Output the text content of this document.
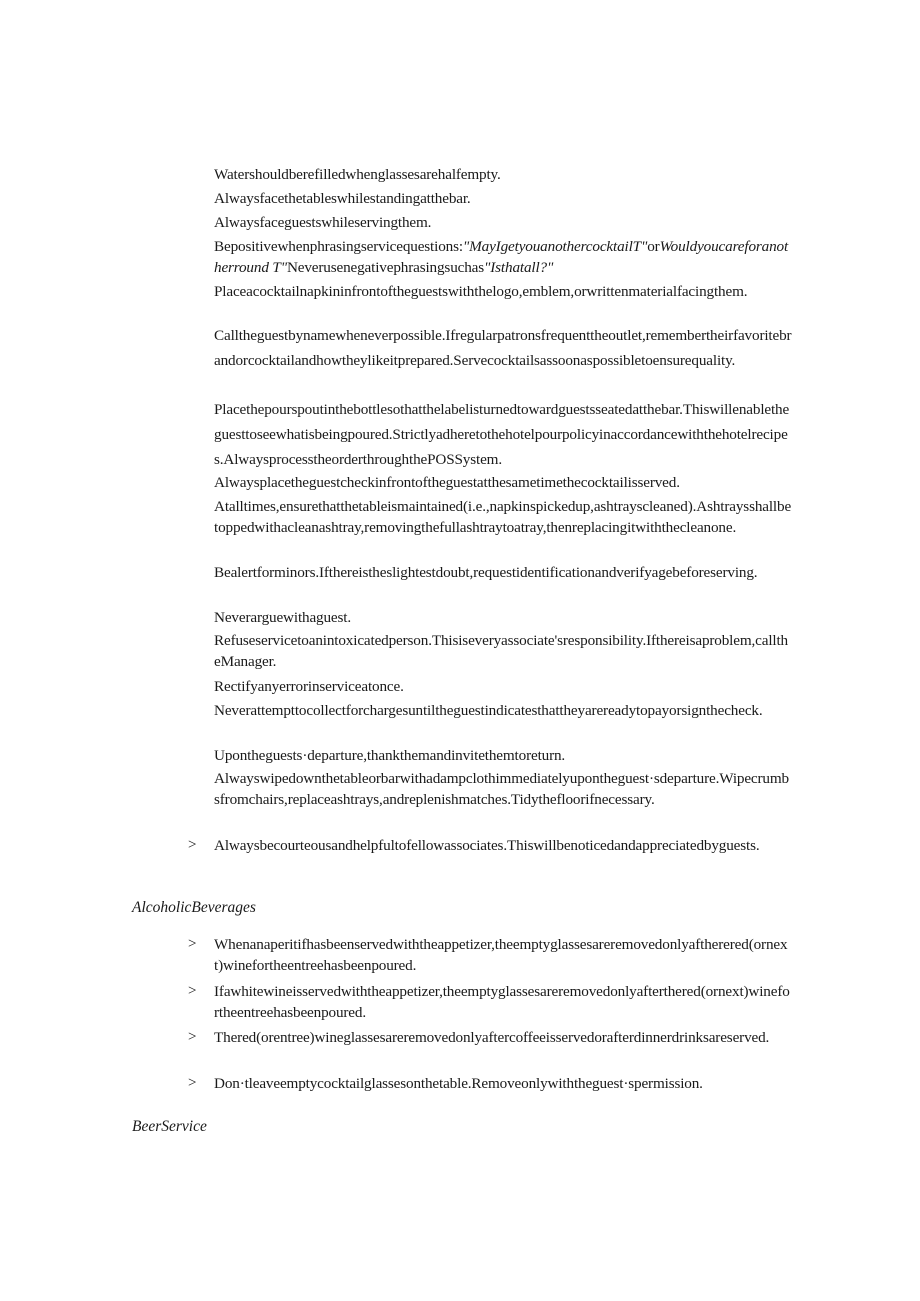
Watershouldberefilledwhenglassesarehalfempty.
Alwaysfacethetableswhilestandingatthebar.
Alwaysfaceguestswhileservingthem.
Bepositivewhenphrasingservicequestions:"MayIgetyouanothercocktailT"orWouldyoucareforanotherround T"Neverusenegativephrasingsuchas"Isthatall?"
Placeacocktailnapkininfrontoftheguestswiththelogo,emblem,orwrittenmaterialfacingthem.
Calltheguestbynamewheneverpossible.Ifregularpatronsfrequenttheoutlet,remembertheirfavoritebrandorcocktailandhowtheylikeitprepared.Servecocktailsassoonaspossibletoensurequality.
Placethepourspoutinthebottlesothatthelabelisturnedtowardguestsseatedatthebar.Thiswillenabletheguesttoseewhatisbeingpoured.Strictlyadheretothehotelpourpolicyinaccordancewiththehotelrecipes.AlwaysprocesstheorderthroughthePOSSystem.
Alwaysplacetheguestcheckinfrontoftheguestatthesametimethecocktailisserved.
Atalltimes,ensurethatthetableismaintained(i.e.,napkinspickedup,ashtrayscleaned).Ashtraysshallbetoppedwithacleanashtray,removingthefullashtraytoatray,thenreplacingitwiththecleanone.
Bealertforminors.Ifthereistheslightestdoubt,requestidentificationandverifyagebeforeserving.
Neverarguewithaguest.
Refuseservicetoanintoxicatedperson.Thisiseveryassociate'sresponsibility.Ifthereisaproblem,calltheManager.
Rectifyanyerrorinserviceatonce.
Neverattempttocollectforchargesuntiltheguestindicatesthattheyarereadytopayorsignthecheck.
Upontheguests·departure,thankthemandinvitethemtoreturn.
Alwayswipedownthetableorbarwithadampclothimmediatelyupontheguest·sdeparture.Wipecrumbsfromchairs,replaceashtrays,andreplenishmatches.Tidythefloorifnecessary.
> Alwaysbecourteousandhelpfultofellowassociates.Thiswillbenoticedandappreciatedbyguests.
AlcoholicBeverages
> Whenanaperitifhasbeenservedwiththeappetizer,theemptyglassesareremovedonlyaftherered(ornext)winefortheentreehasbeenpoured.
> Ifawhitewineisservedwiththeappetizer,theemptyglassesareremovedonlyafterthered(ornext)winefortheentreehasbeenpoured.
> Thered(orentree)wineglassesareremovedonlyaftercoffeeisservedorafterdinnerdrinksareserved.
> Don·tleaveemptycocktailglassesonthetable.Removeonlywiththeguest·spermission.
BeerService
